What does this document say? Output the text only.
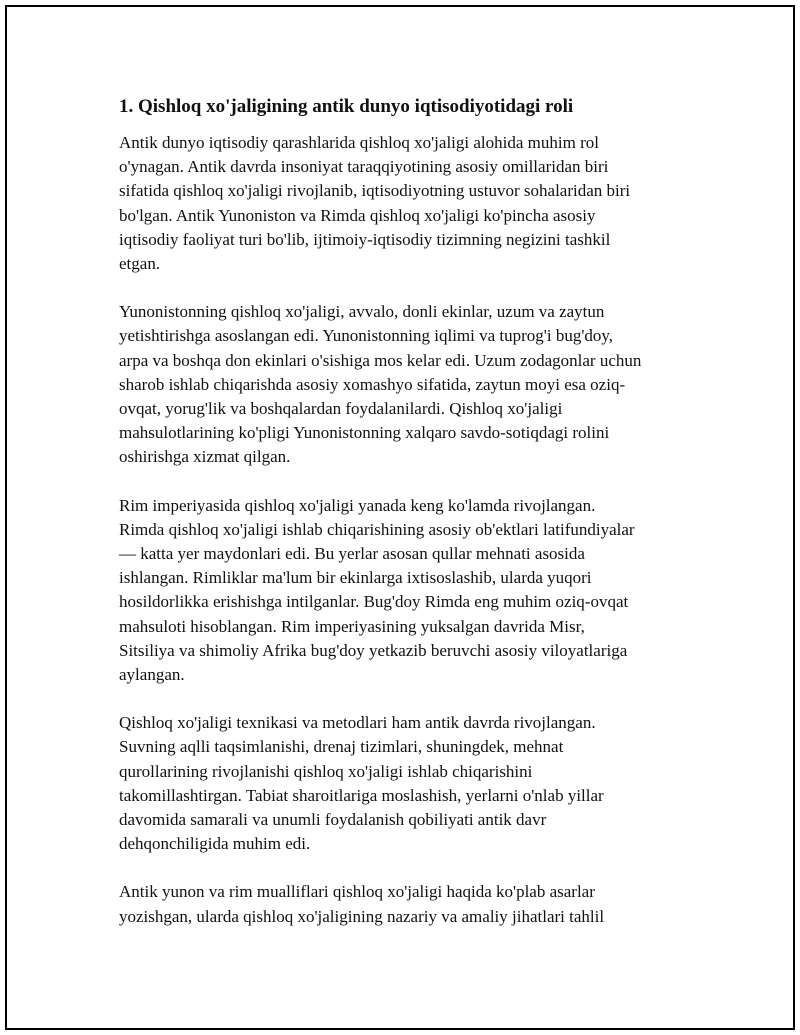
1. Qishloq xo'jaligining antik dunyo iqtisodiyotidagi roli
Antik dunyo iqtisodiy qarashlarida qishloq xo'jaligi alohida muhim rol
o'ynagan. Antik davrda insoniyat taraqqiyotining asosiy omillaridan biri
sifatida qishloq xo'jaligi rivojlanib, iqtisodiyotning ustuvor sohalaridan biri
bo'lgan. Antik Yunoniston va Rimda qishloq xo'jaligi ko'pincha asosiy
iqtisodiy faoliyat turi bo'lib, ijtimoiy-iqtisodiy tizimning negizini tashkil
etgan.
Yunonistonning qishloq xo'jaligi, avvalo, donli ekinlar, uzum va zaytun
yetishtirishga asoslangan edi. Yunonistonning iqlimi va tuprog'i bug'doy,
arpa va boshqa don ekinlari o'sishiga mos kelar edi. Uzum zodagonlar uchun
sharob ishlab chiqarishda asosiy xomashyo sifatida, zaytun moyi esa oziq-
ovqat, yorug'lik va boshqalardan foydalanilardi. Qishloq xo'jaligi
mahsulotlarining ko'pligi Yunonistonning xalqaro savdo-sotiqdagi rolini
oshirishga xizmat qilgan.
Rim imperiyasida qishloq xo'jaligi yanada keng ko'lamda rivojlangan.
Rimda qishloq xo'jaligi ishlab chiqarishining asosiy ob'ektlari latifundiyalar
— katta yer maydonlari edi. Bu yerlar asosan qullar mehnati asosida
ishlangan. Rimliklar ma'lum bir ekinlarga ixtisoslashib, ularda yuqori
hosildorlikka erishishga intilganlar. Bug'doy Rimda eng muhim oziq-ovqat
mahsuloti hisoblangan. Rim imperiyasining yuksalgan davrida Misr,
Sitsiliya va shimoliy Afrika bug'doy yetkazib beruvchi asosiy viloyatlariga
aylangan.
Qishloq xo'jaligi texnikasi va metodlari ham antik davrda rivojlangan.
Suvning aqlli taqsimlanishi, drenaj tizimlari, shuningdek, mehnat
qurollarining rivojlanishi qishloq xo'jaligi ishlab chiqarishini
takomillashtirgan. Tabiat sharoitlariga moslashish, yerlarni o'nlab yillar
davomida samarali va unumli foydalanish qobiliyati antik davr
dehqonchiligida muhim edi.
Antik yunon va rim mualliflari qishloq xo'jaligi haqida ko'plab asarlar
yozishgan, ularda qishloq xo'jaligining nazariy va amaliy jihatlari tahlil
